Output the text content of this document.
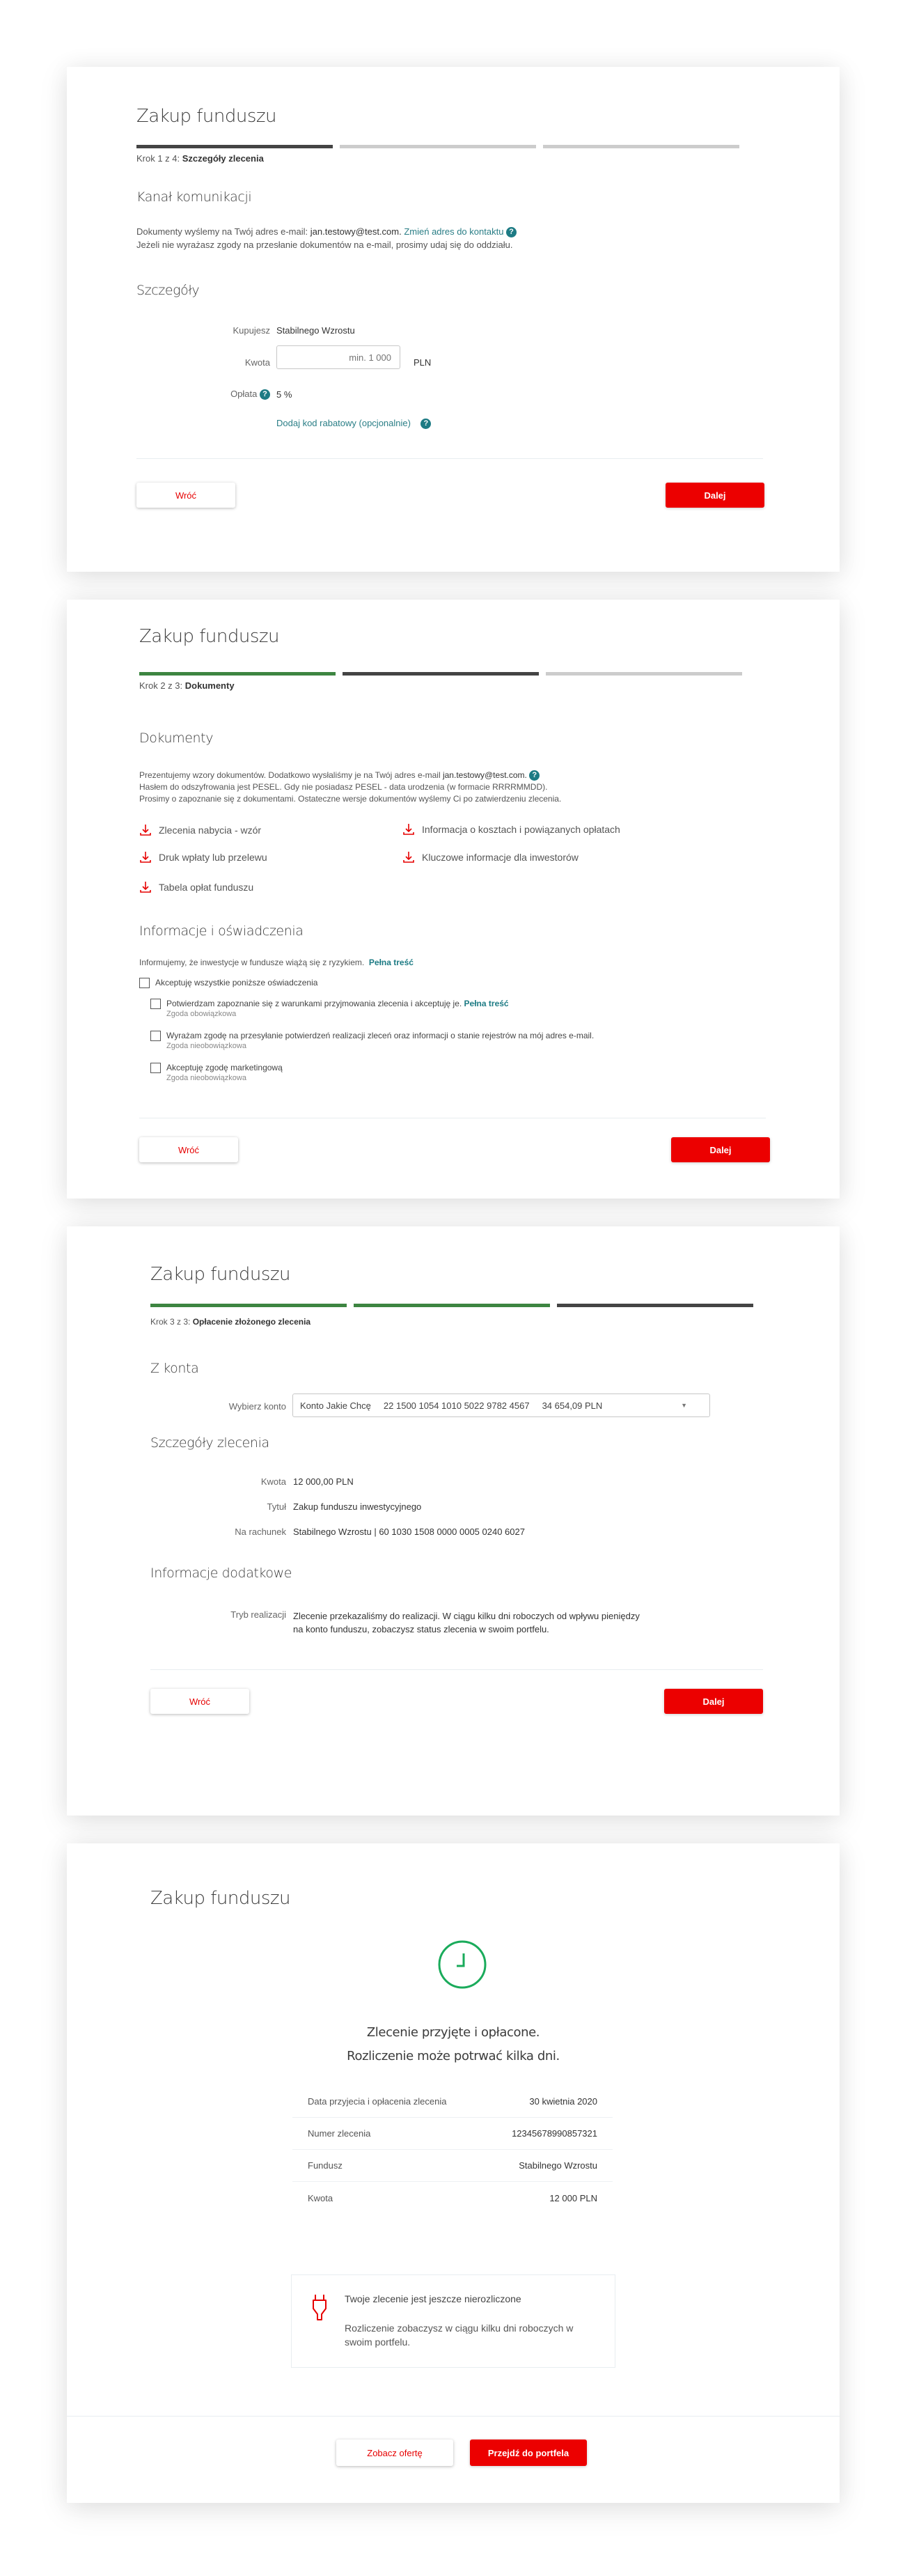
Zakup funduszu
Krok 1 z 4: Szczegóły zlecenia
Kanał komunikacji
Dokumenty wyślemy na Twój adres e-mail: jan.testowy@test.com. Zmień adres do kontaktu ?
Jeżeli nie wyrażasz zgody na przesłanie dokumentów na e-mail, prosimy udaj się do oddziału.
Szczegóły
Kupujesz Stabilnego Wzrostu
Kwota
min. 1 000	PLN
Opłata ?	5 %
Dodaj kod rabatowy (opcjonalnie) ?
Wróć	Dalej
Zakup funduszu
Krok 2 z 3: Dokumenty
Dokumenty
Prezentujemy wzory dokumentów. Dodatkowo wysłaliśmy je na Twój adres e-mail jan.testowy@test.com. ?
Hasłem do odszyfrowania jest PESEL. Gdy nie posiadasz PESEL - data urodzenia (w formacie RRRRMMDD).
Prosimy o zapoznanie się z dokumentami. Ostateczne wersje dokumentów wyślemy Ci po zatwierdzeniu zlecenia.
Zlecenia nabycia - wzór	Informacja o kosztach i powiązanych opłatach
Druk wpłaty lub przelewu	Kluczowe informacje dla inwestorów
Tabela opłat funduszu
Informacje i oświadczenia
Informujemy, że inwestycje w fundusze wiążą się z ryzykiem. Pełna treść
Akceptuję wszystkie poniższe oświadczenia
Potwierdzam zapoznanie się z warunkami przyjmowania zlecenia i akceptuję je. Pełna treść
Zgoda obowiązkowa
Wyrażam zgodę na przesyłanie potwierdzeń realizacji zleceń oraz informacji o stanie rejestrów na mój adres e-mail.
Zgoda nieobowiązkowa
Akceptuję zgodę marketingową
Zgoda nieobowiązkowa
Wróć	Dalej
Zakup funduszu
Krok 3 z 3: Opłacenie złożonego zlecenia
Z konta
Wybierz konto Konto Jakie Chcę 22 1500 1054 1010 5022 9782 4567 34 654,09 PLN	▼
Szczegóły zlecenia
Kwota 12 000,00 PLN
Tytuł Zakup funduszu inwestycyjnego
Na rachunek Stabilnego Wzrostu | 60 1030 1508 0000 0005 0240 6027
Informacje dodatkowe
Tryb realizacji Zlecenie przekazaliśmy do realizacji. W ciągu kilku dni roboczych od wpływu pieniędzy
na konto funduszu, zobaczysz status zlecenia w swoim portfelu.
Wróć	Dalej
Zakup funduszu
Zlecenie przyjęte i opłacone.
Rozliczenie może potrwać kilka dni.
Data przyjecia i opłacenia zlecenia	30 kwietnia 2020
Numer zlecenia	12345678990857321
Fundusz	Stabilnego Wzrostu
Kwota	12 000 PLN
Twoje zlecenie jest jeszcze nierozliczone
Rozliczenie zobaczysz w ciągu kilku dni roboczych w
swoim portfelu.
Zobacz ofertę	Przejdź do portfela
